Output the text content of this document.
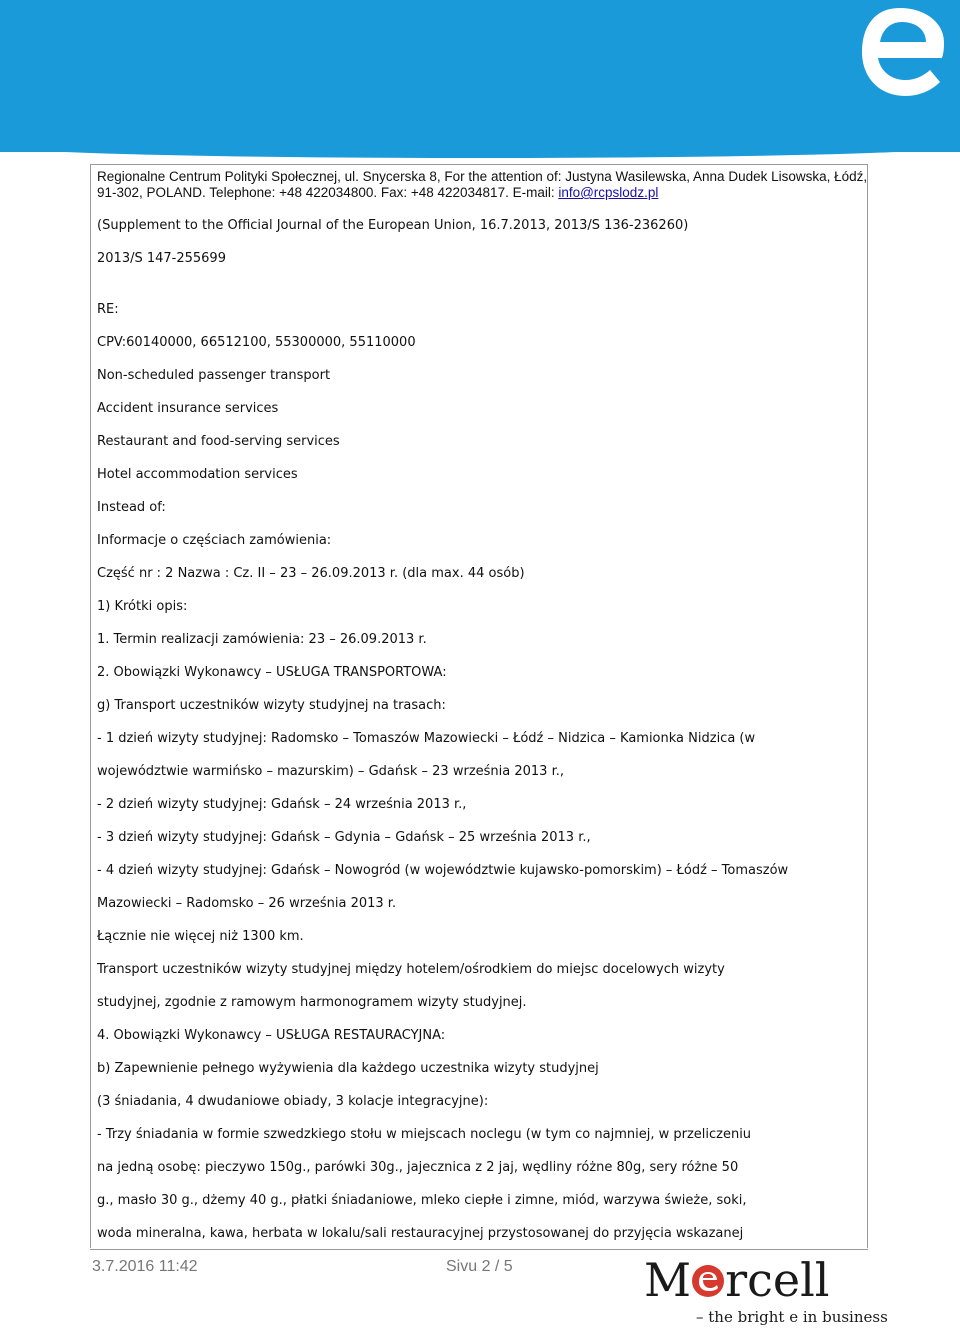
Regionalne Centrum Polityki Społecznej, ul. Snycerska 8, For the attention of: Justyna Wasilewska, Anna Dudek Lisowska, Łódź,
91-302, POLAND. Telephone: +48 422034800. Fax: +48 422034817. E-mail: info@rcpslodz.pl
(Supplement to the Official Journal of the European Union, 16.7.2013, 2013/S 136-236260)
2013/S 147-255699
RE:
CPV:60140000, 66512100, 55300000, 55110000
Non-scheduled passenger transport
Accident insurance services
Restaurant and food-serving services
Hotel accommodation services
Instead of:
Informacje o częściach zamówienia:
Część nr : 2 Nazwa : Cz. II – 23 – 26.09.2013 r. (dla max. 44 osób)
1) Krótki opis:
1. Termin realizacji zamówienia: 23 – 26.09.2013 r.
2. Obowiązki Wykonawcy – USŁUGA TRANSPORTOWA:
g) Transport uczestników wizyty studyjnej na trasach:
- 1 dzień wizyty studyjnej: Radomsko – Tomaszów Mazowiecki – Łódź – Nidzica – Kamionka Nidzica (w
województwie warmińsko – mazurskim) – Gdańsk – 23 września 2013 r.,
- 2 dzień wizyty studyjnej: Gdańsk – 24 września 2013 r.,
- 3 dzień wizyty studyjnej: Gdańsk – Gdynia – Gdańsk – 25 września 2013 r.,
- 4 dzień wizyty studyjnej: Gdańsk – Nowogród (w województwie kujawsko-pomorskim) – Łódź – Tomaszów
Mazowiecki – Radomsko – 26 września 2013 r.
Łącznie nie więcej niż 1300 km.
Transport uczestników wizyty studyjnej między hotelem/ośrodkiem do miejsc docelowych wizyty
studyjnej, zgodnie z ramowym harmonogramem wizyty studyjnej.
4. Obowiązki Wykonawcy – USŁUGA RESTAURACYJNA:
b) Zapewnienie pełnego wyżywienia dla każdego uczestnika wizyty studyjnej
(3 śniadania, 4 dwudaniowe obiady, 3 kolacje integracyjne):
- Trzy śniadania w formie szwedzkiego stołu w miejscach noclegu (w tym co najmniej, w przeliczeniu
na jedną osobę: pieczywo 150g., parówki 30g., jajecznica z 2 jaj, wędliny różne 80g, sery różne 50
g., masło 30 g., dżemy 40 g., płatki śniadaniowe, mleko ciepłe i zimne, miód, warzywa świeże, soki,
woda mineralna, kawa, herbata w lokalu/sali restauracyjnej przystosowanej do przyjęcia wskazanej
3.7.2016 11:42	Sivu 2 / 5	M rcell
– the bright e in business
